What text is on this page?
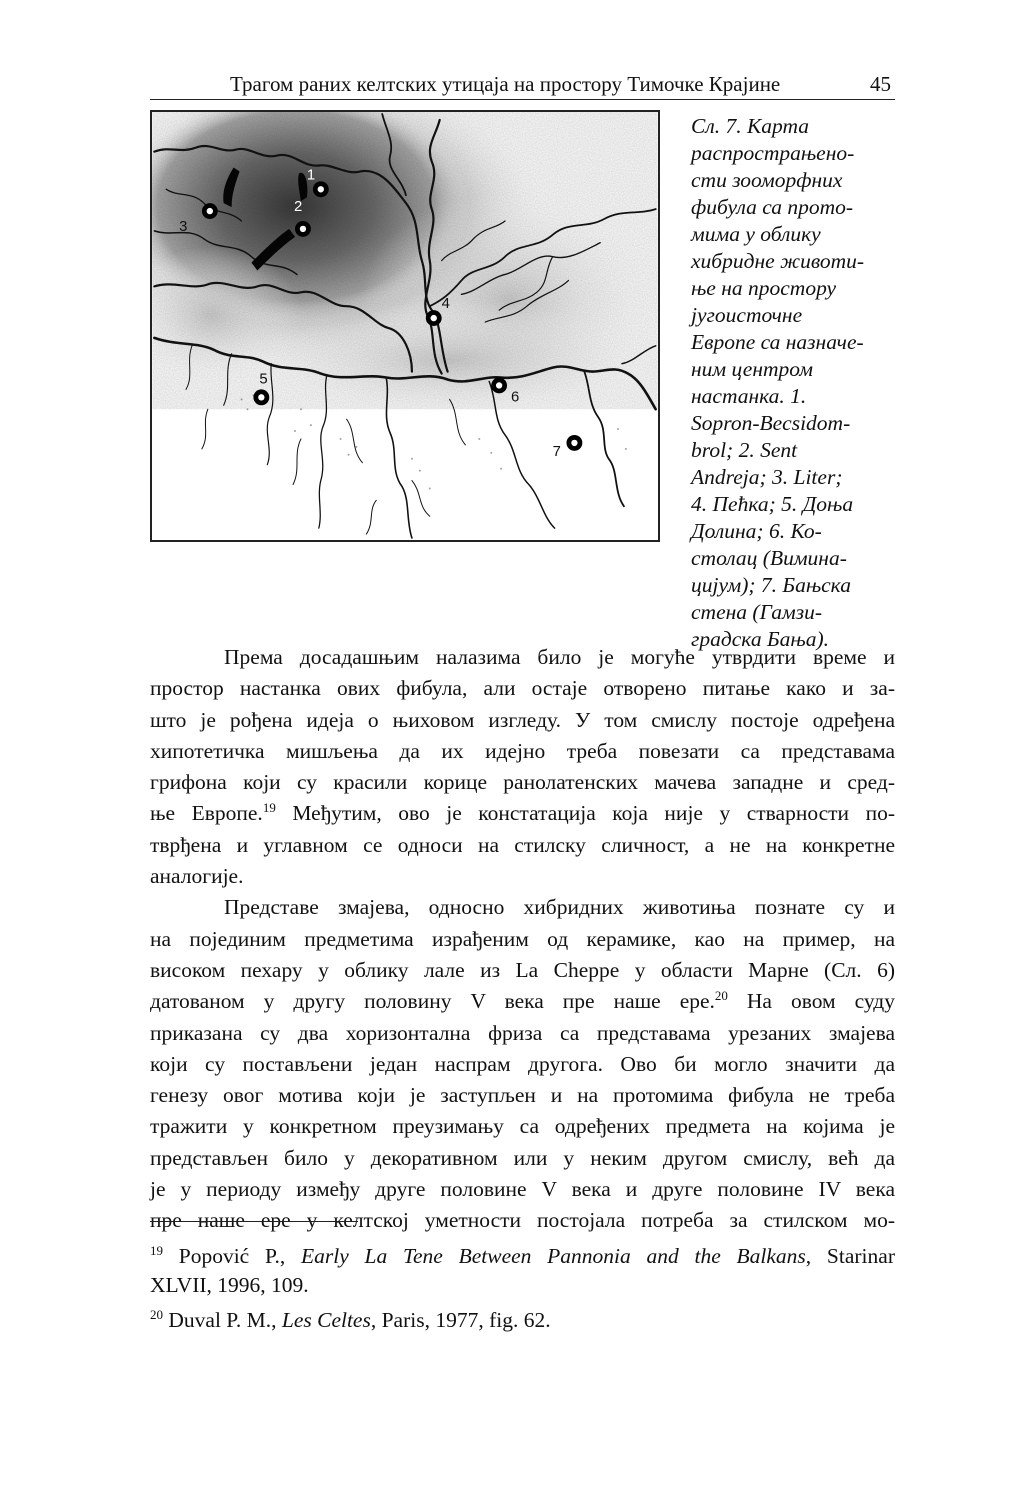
Трагом раних келтских утицаја на простору Тимочке Крајине	45
1
2
3
4
5
6
7
Сл. 7. Карта
распрострањено-
сти зооморфних
фибула са прото-
мима у облику
хибридне животи-
ње на простору
југоисточне
Европе са назначе-
ним центром
настанка. 1.
Sopron-Becsidom-
brol; 2. Sent
Andreja; 3. Liter;
4. Пећка; 5. Доња
Долина; 6. Ко-
столац (Вимина-
цијум); 7. Бањска
стена (Гамзи-
градска Бања).

Према досадашњим налазима било је могуће утврдити време и
простор настанка ових фибула, али остаје отворено питање како и за-
што је рођена идеја о њиховом изгледу. У том смислу постоје одређена
хипотетичка мишљења да их идејно треба повезати са представама
грифона који су красили корице ранолатенских мачева западне и сред-
ње Европе.$^{19}$ Међутим, ово је констатација која није у стварности по-
тврђена и углавном се односи на стилску сличност, а не на конкретне
аналогије.

Представе змајева, односно хибридних животиња познате су и
на појединим предметима израђеним од керамике, као на пример, на
високом пехару у облику лале из La Cheppe у области Марне (Сл. 6)
датованом у другу половину V века пре наше ере.$^{20}$ На овом суду
приказана су два хоризонтална фриза са представама урезаних змајева
који су постављени један наспрам другога. Ово би могло значити да
генезу овог мотива који је заступљен и на протомима фибула не треба
тражити у конкретном преузимању са одређених предмета на којима је
представљен било у декоративном или у неким другом смислу, већ да
је у периоду између друге половине V века и друге половине IV века
пре наше ере у келтској уметности постојала потреба за стилском мо-

$^{19}$ Popović P., Early La Tene Between Pannonia and the Balkans, Starinar
XLVII, 1996, 109.

$^{20}$ Duval P. M., Les Celtes, Paris, 1977, fig. 62.
